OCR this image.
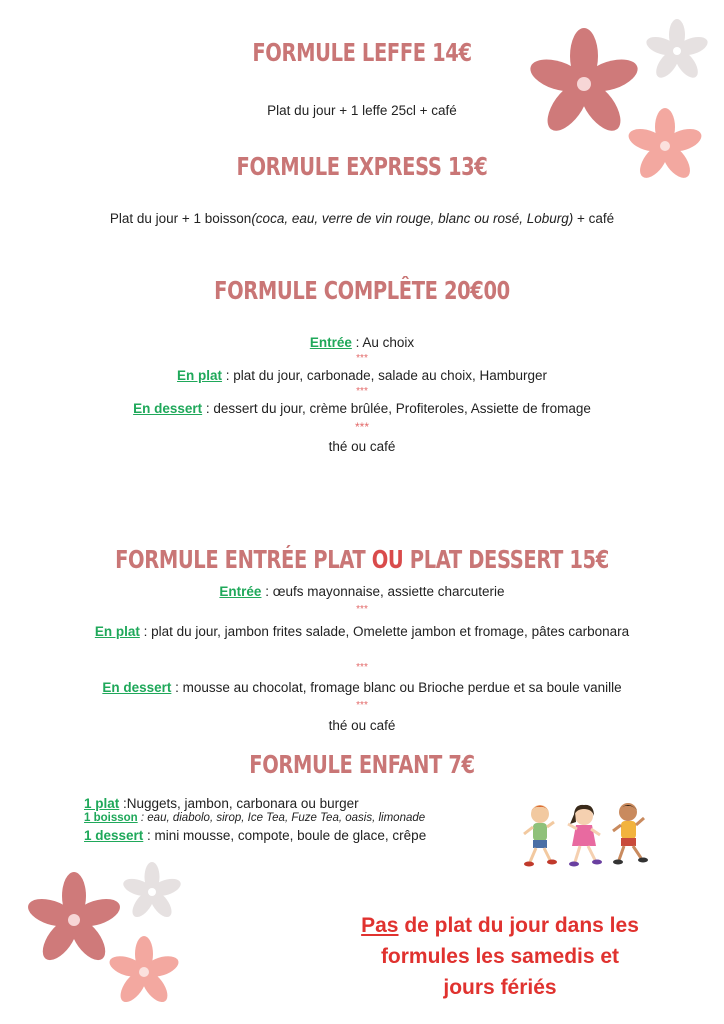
FORMULE LEFFE 14€

Plat du jour + 1 leffe 25cl + café

FORMULE EXPRESS 13€

Plat du jour + 1 boisson(coca, eau, verre de vin rouge, blanc ou rosé, Loburg) + café

FORMULE COMPLÊTE 20€00

Entrée : Au choix

***

En plat : plat du jour, carbonade, salade au choix, Hamburger

***

En dessert : dessert du jour, crème brûlée, Profiteroles, Assiette de fromage

***

thé ou café

FORMULE ENTRÉE PLAT OU PLAT DESSERT 15€

Entrée : œufs mayonnaise, assiette charcuterie

***

En plat : plat du jour, jambon frites salade, Omelette jambon et fromage, pâtes carbonara

***

En dessert : mousse au chocolat, fromage blanc ou Brioche perdue et sa boule vanille

***

thé ou café

FORMULE ENFANT 7€

1 plat :Nuggets, jambon, carbonara ou burger

1 boisson : eau, diabolo, sirop, Ice Tea, Fuze Tea, oasis, limonade

1 dessert : mini mousse, compote, boule de glace, crêpe

Pas de plat du jour dans les
formules les samedis et
jours fériés
